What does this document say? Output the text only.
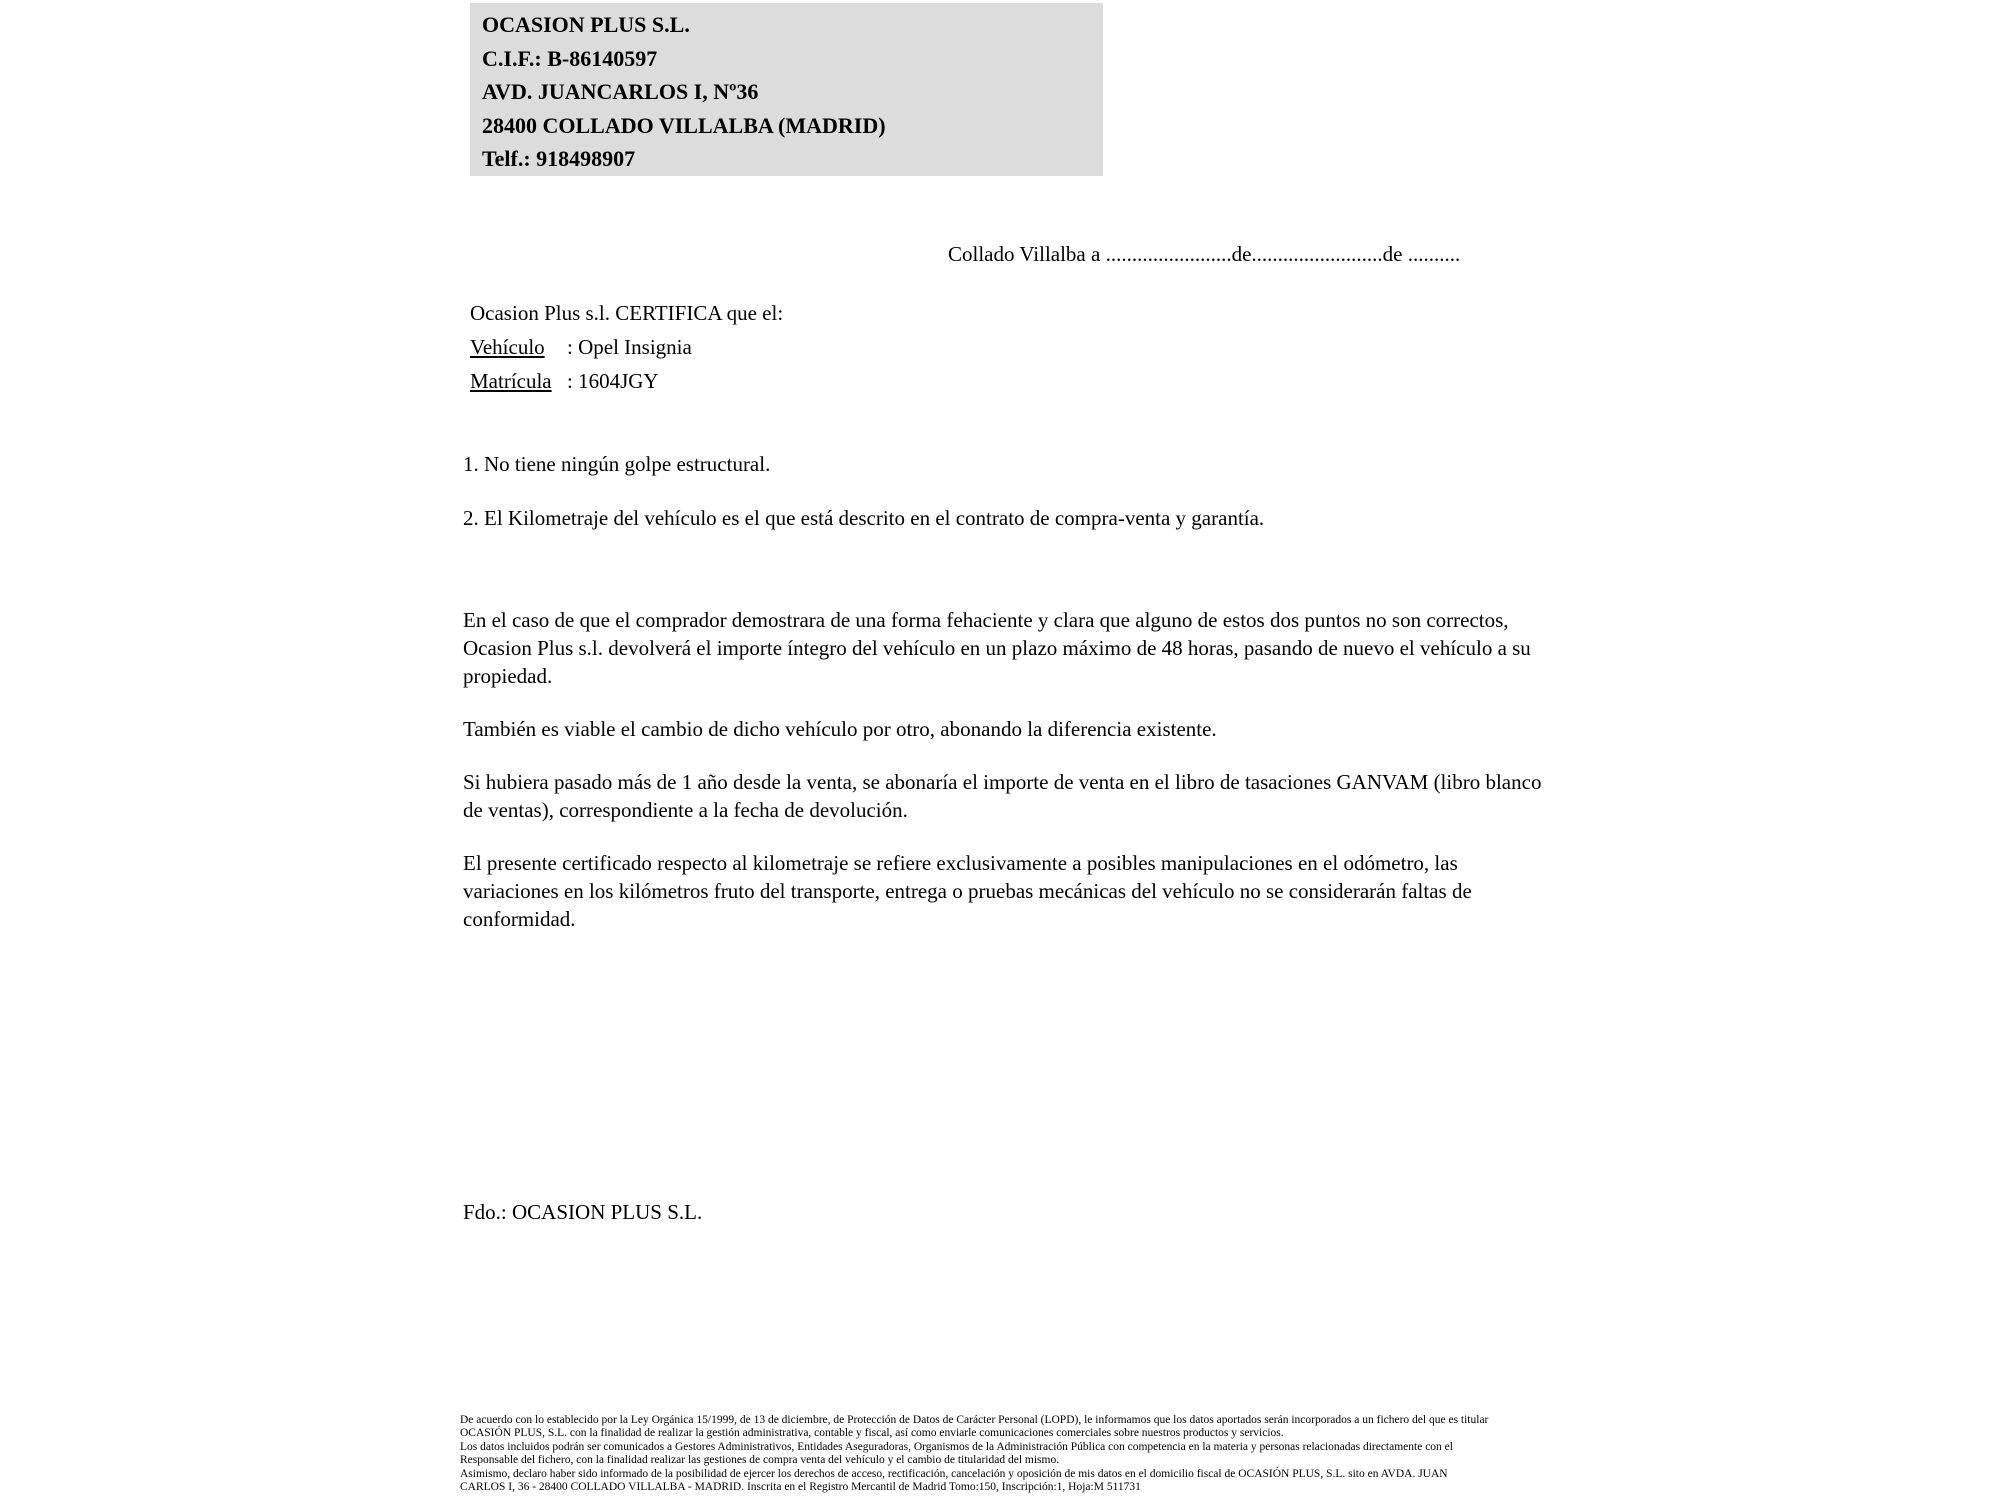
OCASION PLUS S.L.
C.I.F.: B-86140597
AVD. JUANCARLOS I, Nº36
28400 COLLADO VILLALBA (MADRID)
Telf.: 918498907
Collado Villalba a ........................de.........................de ..........
Ocasion Plus s.l. CERTIFICA que el:
Vehículo : Opel Insignia
Matrícula : 1604JGY
1. No tiene ningún golpe estructural.
2. El Kilometraje del vehículo es el que está descrito en el contrato de compra-venta y garantía.

En el caso de que el comprador demostrara de una forma fehaciente y clara que alguno de estos dos puntos no son correctos, Ocasion Plus s.l. devolverá el importe íntegro del vehículo en un plazo máximo de 48 horas, pasando de nuevo el vehículo a su propiedad.

También es viable el cambio de dicho vehículo por otro, abonando la diferencia existente.

Si hubiera pasado más de 1 año desde la venta, se abonaría el importe de venta en el libro de tasaciones GANVAM (libro blanco de ventas), correspondiente a la fecha de devolución.

El presente certificado respecto al kilometraje se refiere exclusivamente a posibles manipulaciones en el odómetro, las variaciones en los kilómetros fruto del transporte, entrega o pruebas mecánicas del vehículo no se considerarán faltas de conformidad.

Fdo.: OCASION PLUS S.L.
De acuerdo con lo establecido por la Ley Orgánica 15/1999, de 13 de diciembre, de Protección de Datos de Carácter Personal (LOPD), le informamos que los datos aportados serán incorporados a un fichero del que es titular
OCASIÓN PLUS, S.L. con la finalidad de realizar la gestión administrativa, contable y fiscal, así como enviarle comunicaciones comerciales sobre nuestros productos y servicios.
Los datos incluidos podrán ser comunicados a Gestores Administrativos, Entidades Aseguradoras, Organismos de la Administración Pública con competencia en la materia y personas relacionadas directamente con el
Responsable del fichero, con la finalidad realizar las gestiones de compra venta del vehículo y el cambio de titularidad del mismo.
Asimismo, declaro haber sido informado de la posibilidad de ejercer los derechos de acceso, rectificación, cancelación y oposición de mis datos en el domicilio fiscal de OCASIÓN PLUS, S.L. sito en AVDA. JUAN
CARLOS I, 36 - 28400 COLLADO VILLALBA - MADRID. Inscrita en el Registro Mercantil de Madrid Tomo:150, Inscripción:1, Hoja:M 511731
